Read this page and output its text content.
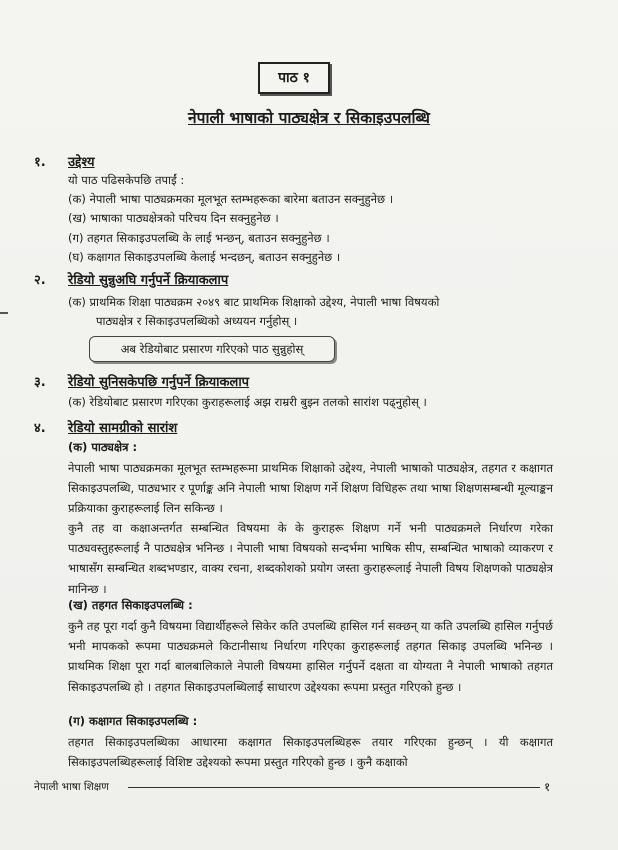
पाठ १
नेपाली भाषाको पाठ्यक्षेत्र र सिकाइउपलब्धि
१. उद्देश्य
यो पाठ पढिसकेपछि तपाईं :
(क) नेपाली भाषा पाठ्यक्रमका मूलभूत स्तम्भहरूका बारेमा बताउन सक्नुहुनेछ ।
(ख) भाषाका पाठ्यक्षेत्रको परिचय दिन सक्नुहुनेछ ।
(ग) तहगत सिकाइउपलब्धि के लाई भन्छन्, बताउन सक्नुहुनेछ ।
(घ) कक्षागत सिकाइउपलब्धि केलाई भन्दछन्, बताउन सक्नुहुनेछ ।
२. रेडियो सुन्नुअघि गर्नुपर्ने क्रियाकलाप
(क) प्राथमिक शिक्षा पाठ्यक्रम २०४९ बाट प्राथमिक शिक्षाको उद्देश्य, नेपाली भाषा विषयको
पाठ्यक्षेत्र र सिकाइउपलब्धिको अध्ययन गर्नुहोस् ।
अब रेडियोबाट प्रसारण गरिएको पाठ सुन्नुहोस्
३. रेडियो सुनिसकेपछि गर्नुपर्ने क्रियाकलाप
(क) रेडियोबाट प्रसारण गरिएका कुराहरूलाई अझ राम्ररी बुझ्न तलको सारांश पढ्नुहोस् ।
४. रेडियो सामग्रीको सारांश
(क) पाठ्यक्षेत्र :
नेपाली भाषा पाठ्यक्रमका मूलभूत स्तम्भहरूमा प्राथमिक शिक्षाको उद्देश्य, नेपाली भाषाको पाठ्यक्षेत्र, तहगत र कक्षागत सिकाइउपलब्धि, पाठ्यभार र पूर्णाङ्क अनि नेपाली भाषा शिक्षण गर्ने शिक्षण विधिहरू तथा भाषा शिक्षणसम्बन्धी मूल्याङ्कन प्रक्रियाका कुराहरूलाई लिन सकिन्छ ।
कुनै तह वा कक्षाअन्तर्गत सम्बन्धित विषयमा के के कुराहरू शिक्षण गर्ने भनी पाठ्यक्रमले निर्धारण गरेका पाठ्यवस्तुहरूलाई नै पाठ्यक्षेत्र भनिन्छ । नेपाली भाषा विषयको सन्दर्भमा भाषिक सीप, सम्बन्धित भाषाको व्याकरण र भाषासँग सम्बन्धित शब्दभण्डार, वाक्य रचना, शब्दकोशको प्रयोग जस्ता कुराहरूलाई नेपाली विषय शिक्षणको पाठ्यक्षेत्र मानिन्छ ।
(ख) तहगत सिकाइउपलब्धि :
कुनै तह पूरा गर्दा कुनै विषयमा विद्यार्थीहरूले सिकेर कति उपलब्धि हासिल गर्न सक्छन् या कति उपलब्धि हासिल गर्नुपर्छ भनी मापकको रूपमा पाठ्यक्रमले किटानीसाथ निर्धारण गरिएका कुराहरूलाई तहगत सिकाइ उपलब्धि भनिन्छ । प्राथमिक शिक्षा पूरा गर्दा बालबालिकाले नेपाली विषयमा हासिल गर्नुपर्ने दक्षता वा योग्यता नै नेपाली भाषाको तहगत सिकाइउपलब्धि हो । तहगत सिकाइउपलब्धिलाई साधारण उद्देश्यका रूपमा प्रस्तुत गरिएको हुन्छ ।
(ग) कक्षागत सिकाइउपलब्धि :
तहगत सिकाइउपलब्धिका आधारमा कक्षागत सिकाइउपलब्धिहरू तयार गरिएका हुन्छन् । यी कक्षागत सिकाइउपलब्धिहरूलाई विशिष्ट उद्देश्यको रूपमा प्रस्तुत गरिएको हुन्छ । कुनै कक्षाको
नेपाली भाषा शिक्षण	१
